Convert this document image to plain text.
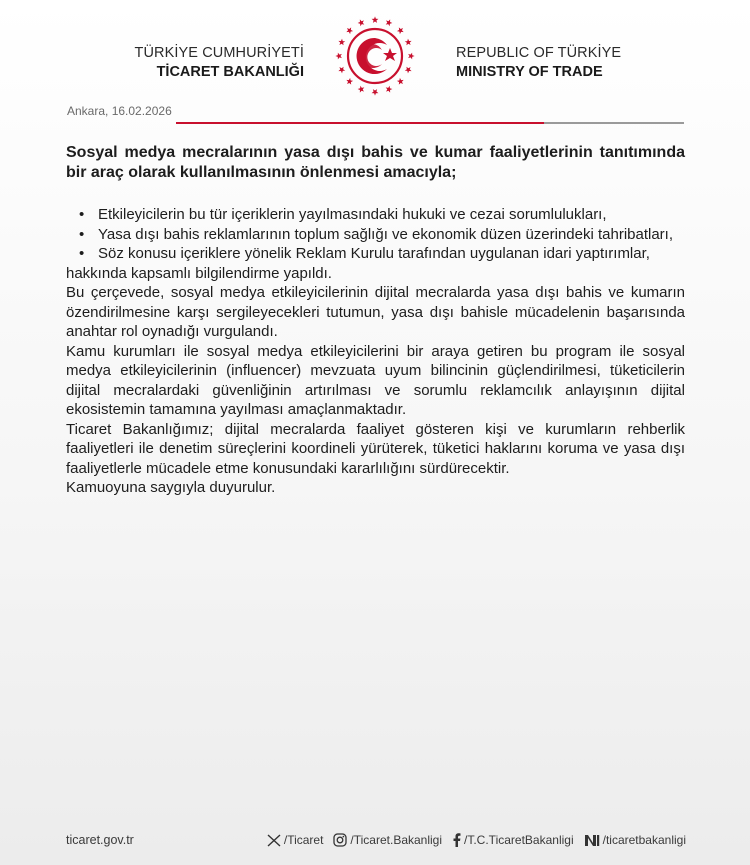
TÜRKİYE CUMHURİYETİ
TİCARET BAKANLIĞI
REPUBLIC OF TÜRKİYE
MINISTRY OF TRADE
Ankara, 16.02.2026

Sosyal medya mecralarının yasa dışı bahis ve kumar faaliyetlerinin tanıtımında bir araç olarak kullanılmasının önlenmesi amacıyla;

• Etkileyicilerin bu tür içeriklerin yayılmasındaki hukuki ve cezai sorumlulukları,
• Yasa dışı bahis reklamlarının toplum sağlığı ve ekonomik düzen üzerindeki tahribatları,
• Söz konusu içeriklere yönelik Reklam Kurulu tarafından uygulanan idari yaptırımlar,

hakkında kapsamlı bilgilendirme yapıldı.

Bu çerçevede, sosyal medya etkileyicilerinin dijital mecralarda yasa dışı bahis ve kumarın özendirilmesine karşı sergileyecekleri tutumun, yasa dışı bahisle mücadelenin başarısında anahtar rol oynadığı vurgulandı.

Kamu kurumları ile sosyal medya etkileyicilerini bir araya getiren bu program ile sosyal medya etkileyicilerinin (influencer) mevzuata uyum bilincinin güçlendirilmesi, tüketicilerin dijital mecralardaki güvenliğinin artırılması ve sorumlu reklamcılık anlayışının dijital ekosistemin tamamına yayılması amaçlanmaktadır.

Ticaret Bakanlığımız; dijital mecralarda faaliyet gösteren kişi ve kurumların rehberlik faaliyetleri ile denetim süreçlerini koordineli yürüterek, tüketici haklarını koruma ve yasa dışı faaliyetlerle mücadele etme konusundaki kararlılığını sürdürecektir.

Kamuoyuna saygıyla duyurulur.

ticaret.gov.tr	/Ticaret /Ticaret.Bakanligi /T.C.TicaretBakanligi /ticaretbakanligi
